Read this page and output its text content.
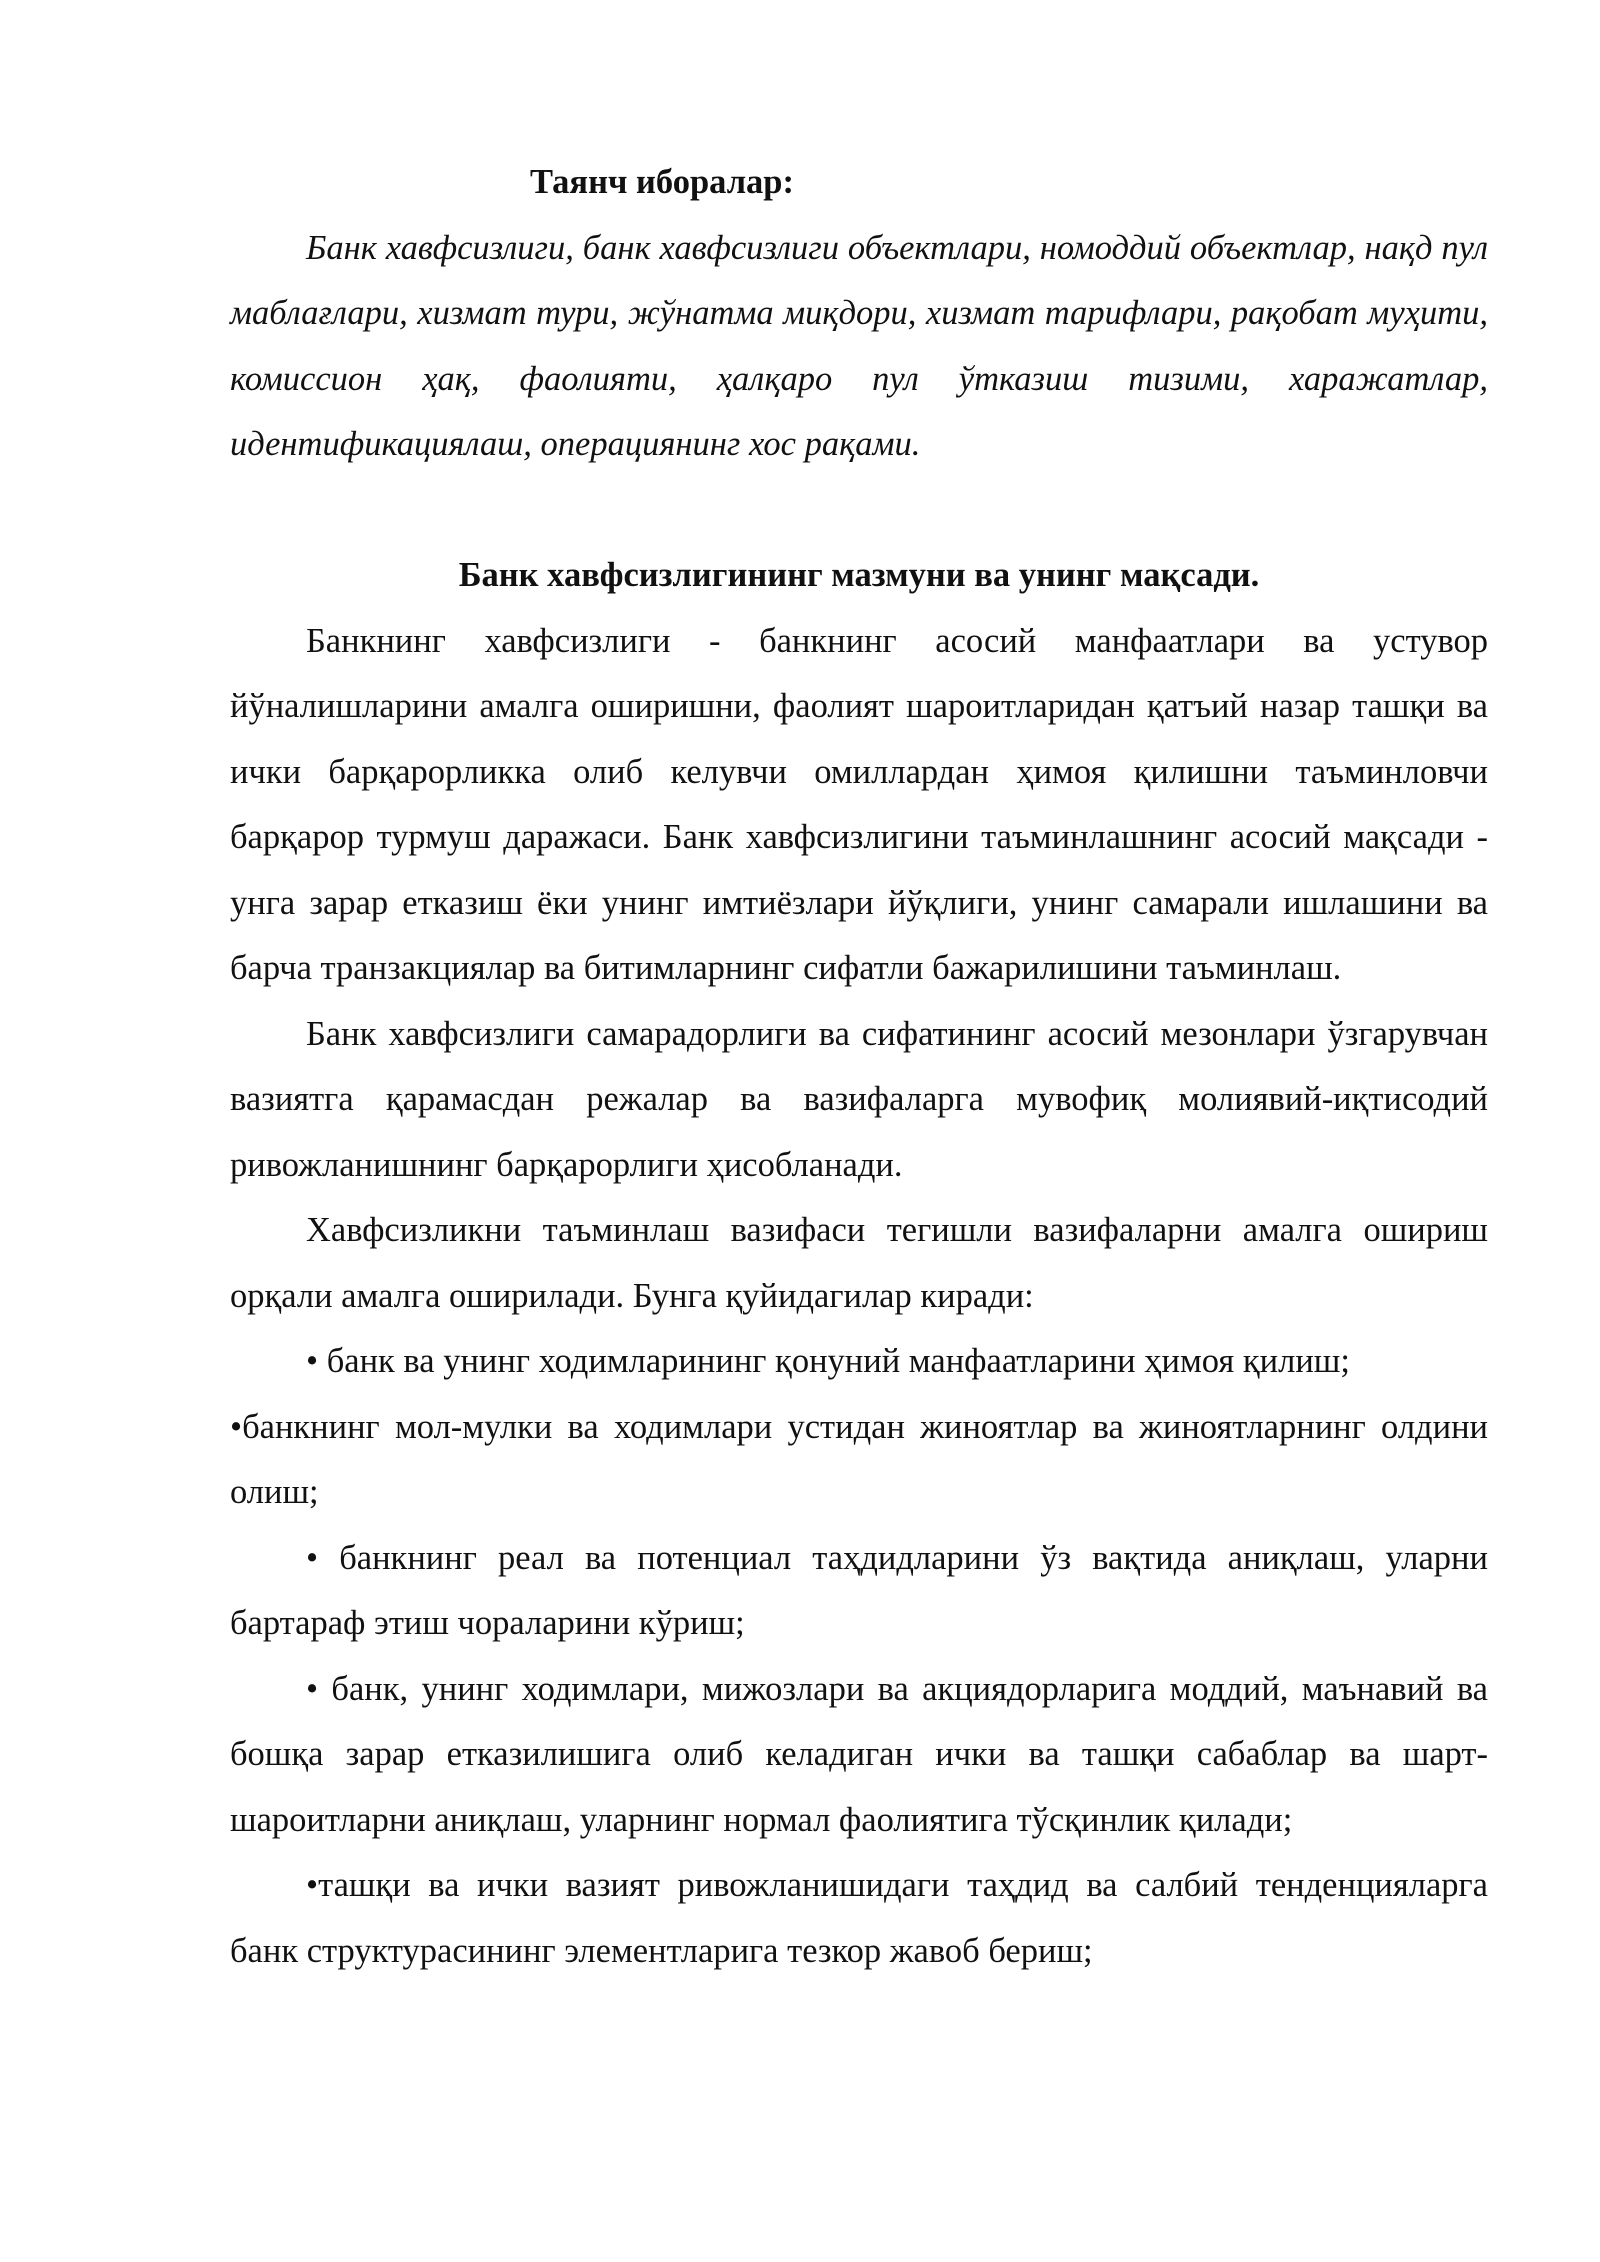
Таянч иборалар:

Банк хавфсизлиги, банк хавфсизлиги объектлари, номоддий объектлар, нақд пул маблағлари, хизмат тури, жўнатма миқдори, хизмат тарифлари, рақобат муҳити, комиссион ҳақ, фаолияти, ҳалқаро пул ўтказиш тизими, харажатлар, идентификациялаш, операциянинг хос рақами.

Банк хавфсизлигининг мазмуни ва унинг мақсади.

Банкнинг хавфсизлиги - банкнинг асосий манфаатлари ва устувор йўналишларини амалга оширишни, фаолият шароитларидан қатъий назар ташқи ва ички барқарорликка олиб келувчи омиллардан ҳимоя қилишни таъминловчи барқарор турмуш даражаси. Банк хавфсизлигини таъминлашнинг асосий мақсади - унга зарар етказиш ёки унинг имтиёзлари йўқлиги, унинг самарали ишлашини ва барча транзакциялар ва битимларнинг сифатли бажарилишини таъминлаш.

Банк хавфсизлиги самарадорлиги ва сифатининг асосий мезонлари ўзгарувчан вазиятга қарамасдан режалар ва вазифаларга мувофиқ молиявий-иқтисодий ривожланишнинг барқарорлиги ҳисобланади.

Хавфсизликни таъминлаш вазифаси тегишли вазифаларни амалга ошириш орқали амалга оширилади. Бунга қуйидагилар киради:

• банк ва унинг ходимларининг қонуний манфаатларини ҳимоя қилиш;

•банкнинг мол-мулки ва ходимлари устидан жиноятлар ва жиноятларнинг олдини олиш;

• банкнинг реал ва потенциал таҳдидларини ўз вақтида аниқлаш, уларни бартараф этиш чораларини кўриш;

• банк, унинг ходимлари, мижозлари ва акциядорларига моддий, маънавий ва бошқа зарар етказилишига олиб келадиган ички ва ташқи сабаблар ва шарт-шароитларни аниқлаш, уларнинг нормал фаолиятига тўсқинлик қилади;

•ташқи ва ички вазият ривожланишидаги таҳдид ва салбий тенденцияларга банк структурасининг элементларига тезкор жавоб бериш;
